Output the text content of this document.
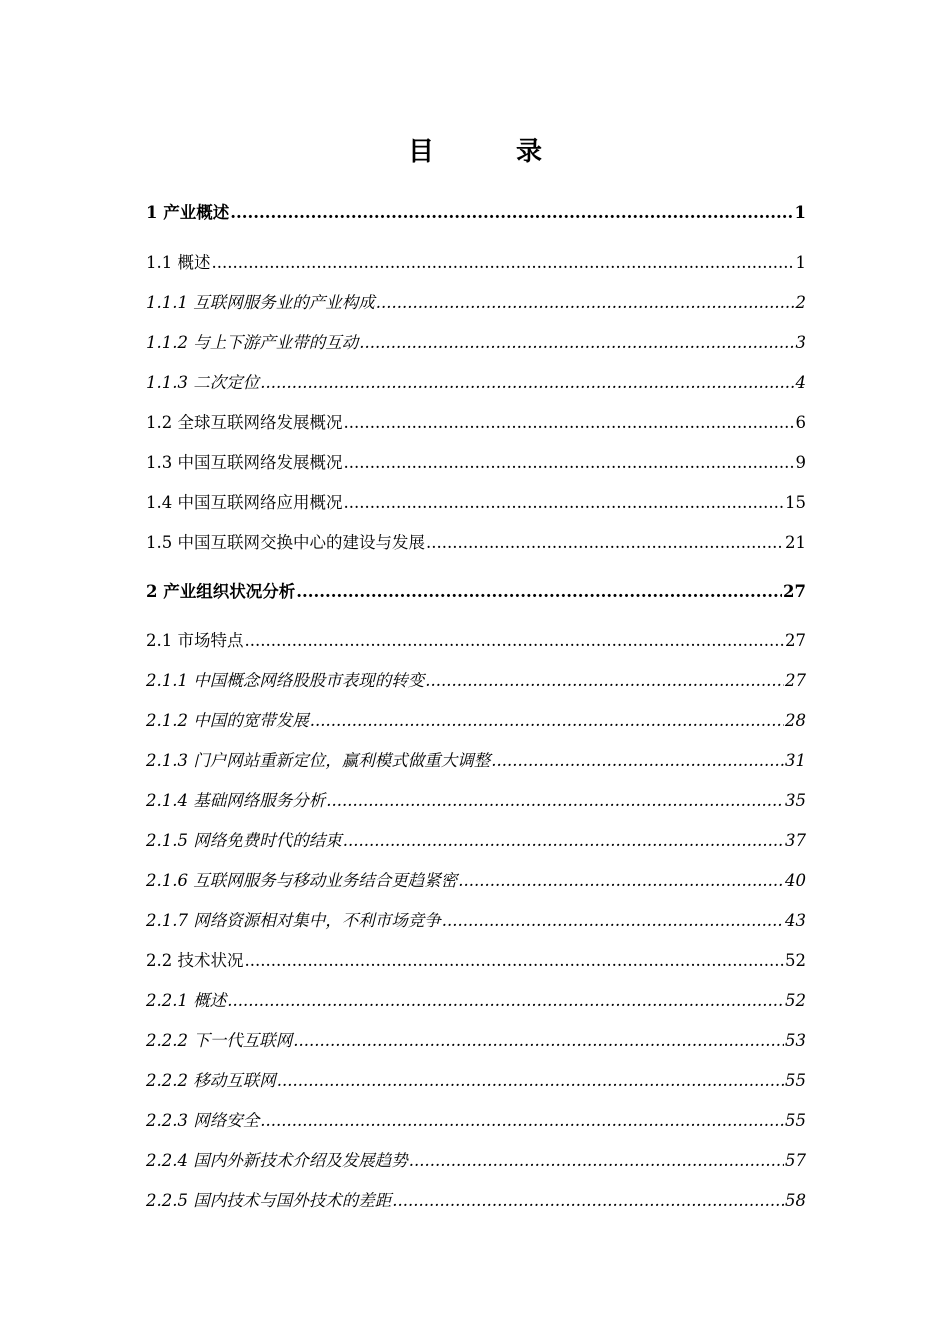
目　录
1 产业概述 .....	1
1.1 概述 .....	1
1.1.1 互联网服务业的产业构成 .....	2
1.1.2 与上下游产业带的互动 .....	3
1.1.3 二次定位 .....	4
1.2 全球互联网络发展概况 .....	6
1.3 中国互联网络发展概况 .....	9
1.4 中国互联网络应用概况 .....	15
1.5 中国互联网交换中心的建设与发展 .....	21
2 产业组织状况分析 .....	27
2.1 市场特点 .....	27
2.1.1 中国概念网络股股市表现的转变 .....	27
2.1.2 中国的宽带发展 .....	28
2.1.3 门户网站重新定位，赢利模式做重大调整 .....	31
2.1.4 基础网络服务分析 .....	35
2.1.5 网络免费时代的结束 .....	37
2.1.6 互联网服务与移动业务结合更趋紧密 .....	40
2.1.7 网络资源相对集中，不利市场竞争 .....	43
2.2 技术状况 .....	52
2.2.1 概述 .....	52
2.2.2 下一代互联网 .....	53
2.2.2 移动互联网 .....	55
2.2.3 网络安全 .....	55
2.2.4 国内外新技术介绍及发展趋势 .....	57
2.2.5 国内技术与国外技术的差距 .....	58
